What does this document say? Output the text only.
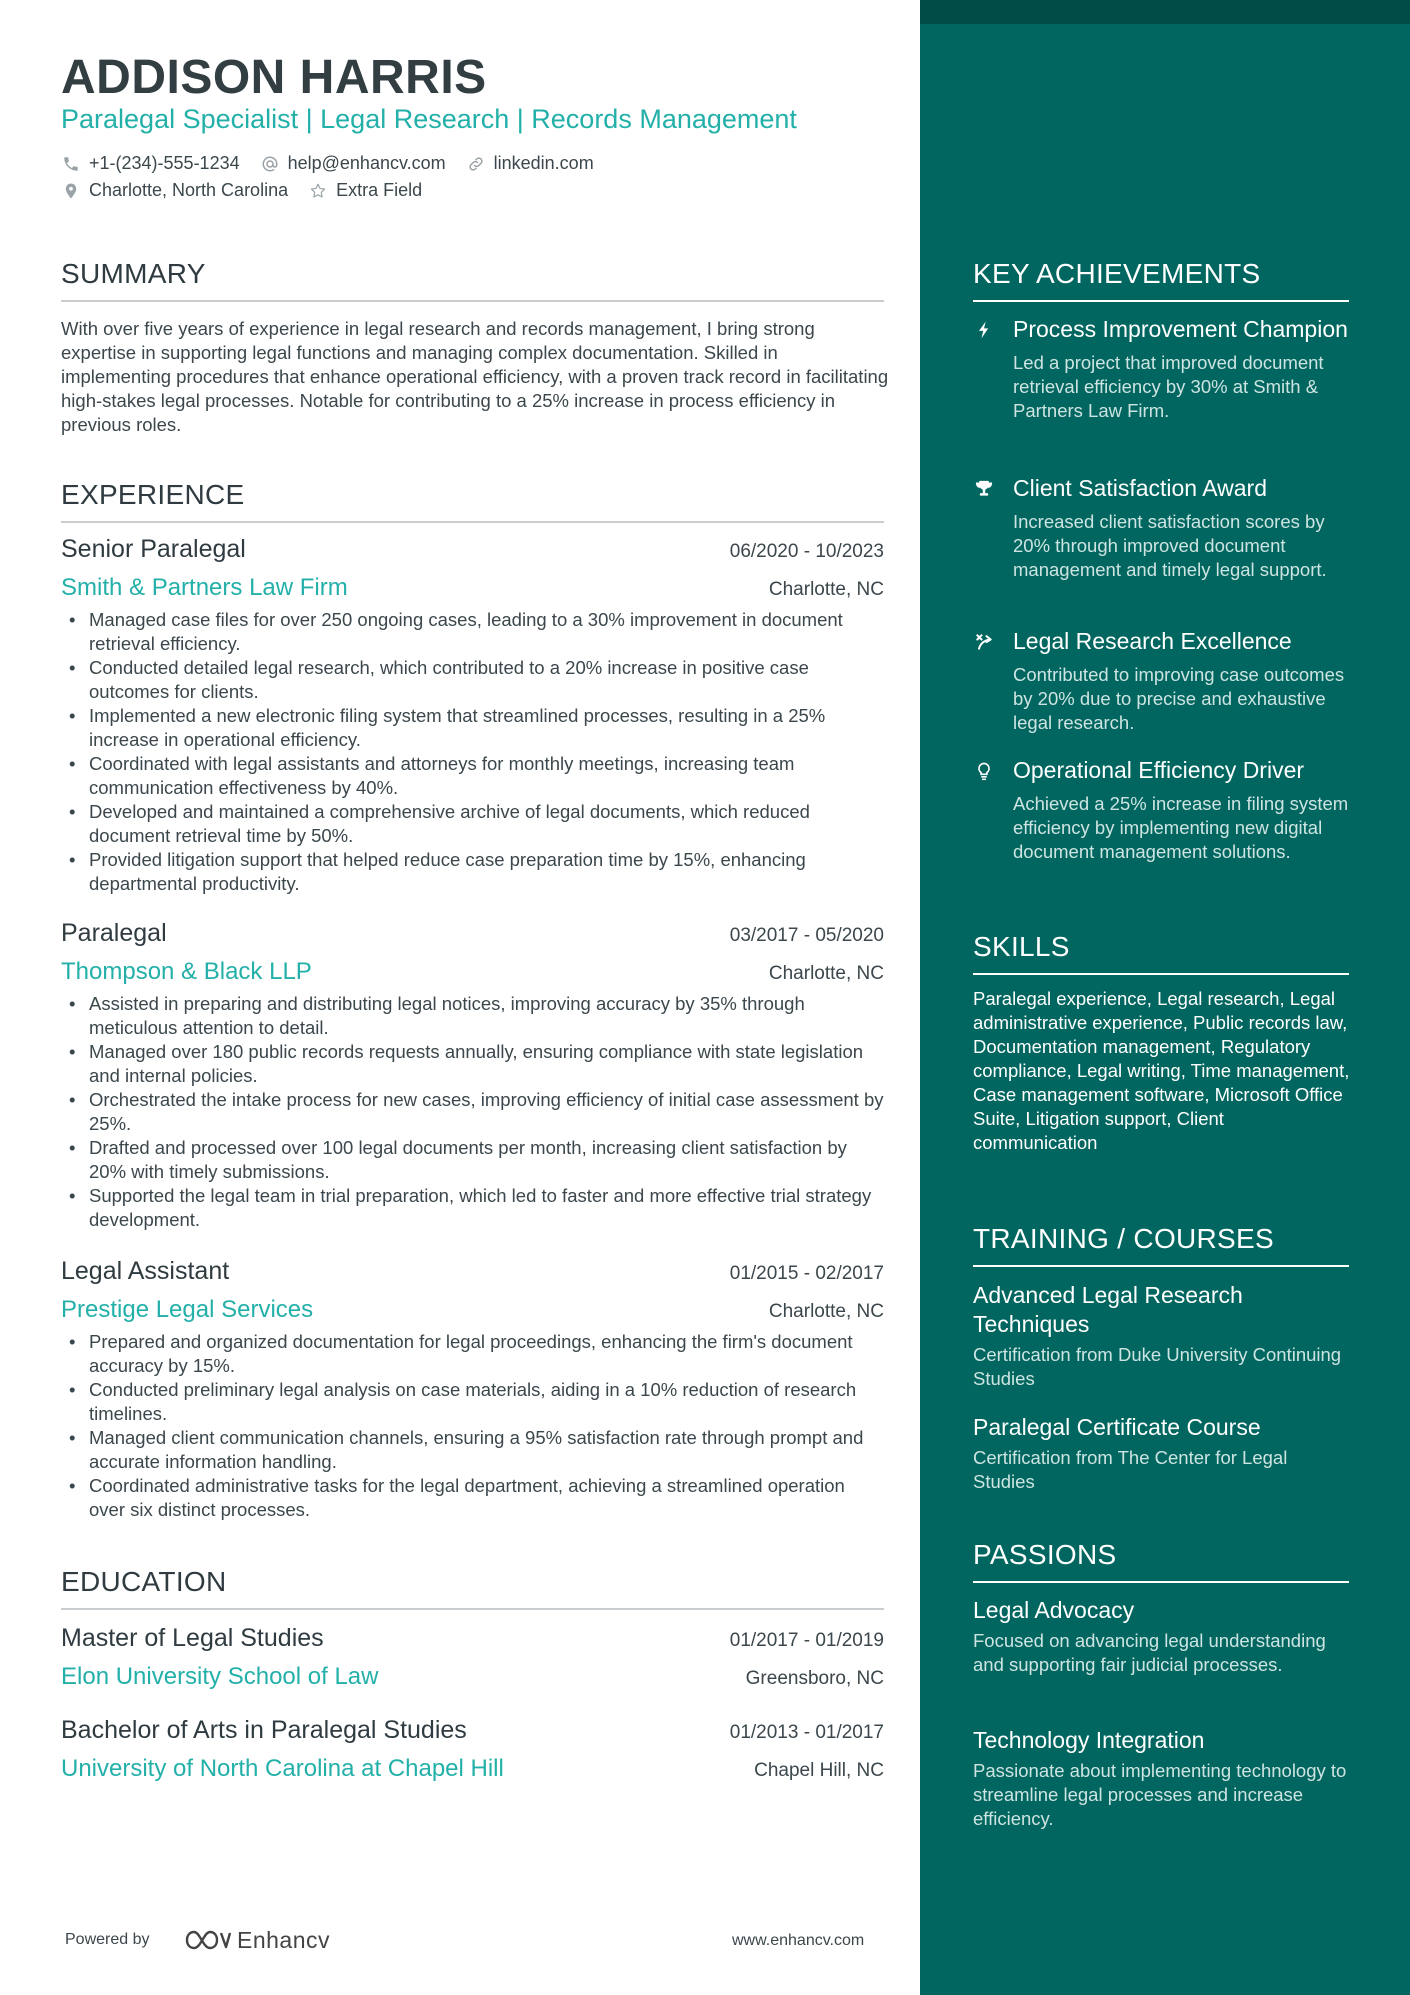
ADDISON HARRIS
Paralegal Specialist | Legal Research | Records Management
+1-(234)-555-1234	help@enhancv.com	linkedin.com
Charlotte, North Carolina	Extra Field
SUMMARY
With over five years of experience in legal research and records management, I bring strong expertise in supporting legal functions and managing complex documentation. Skilled in implementing procedures that enhance operational efficiency, with a proven track record in facilitating high-stakes legal processes. Notable for contributing to a 25% increase in process efficiency in previous roles.
EXPERIENCE
Senior Paralegal	06/2020 - 10/2023
Smith & Partners Law Firm	Charlotte, NC
• Managed case files for over 250 ongoing cases, leading to a 30% improvement in document retrieval efficiency.
• Conducted detailed legal research, which contributed to a 20% increase in positive case outcomes for clients.
• Implemented a new electronic filing system that streamlined processes, resulting in a 25% increase in operational efficiency.
• Coordinated with legal assistants and attorneys for monthly meetings, increasing team communication effectiveness by 40%.
• Developed and maintained a comprehensive archive of legal documents, which reduced document retrieval time by 50%.
• Provided litigation support that helped reduce case preparation time by 15%, enhancing departmental productivity.
Paralegal	03/2017 - 05/2020
Thompson & Black LLP	Charlotte, NC
• Assisted in preparing and distributing legal notices, improving accuracy by 35% through meticulous attention to detail.
• Managed over 180 public records requests annually, ensuring compliance with state legislation and internal policies.
• Orchestrated the intake process for new cases, improving efficiency of initial case assessment by 25%.
• Drafted and processed over 100 legal documents per month, increasing client satisfaction by 20% with timely submissions.
• Supported the legal team in trial preparation, which led to faster and more effective trial strategy development.
Legal Assistant	01/2015 - 02/2017
Prestige Legal Services	Charlotte, NC
• Prepared and organized documentation for legal proceedings, enhancing the firm's document accuracy by 15%.
• Conducted preliminary legal analysis on case materials, aiding in a 10% reduction of research timelines.
• Managed client communication channels, ensuring a 95% satisfaction rate through prompt and accurate information handling.
• Coordinated administrative tasks for the legal department, achieving a streamlined operation over six distinct processes.
EDUCATION
Master of Legal Studies	01/2017 - 01/2019
Elon University School of Law	Greensboro, NC
Bachelor of Arts in Paralegal Studies	01/2013 - 01/2017
University of North Carolina at Chapel Hill	Chapel Hill, NC
Powered by	Enhancv	www.enhancv.com
KEY ACHIEVEMENTS
Process Improvement Champion
Led a project that improved document retrieval efficiency by 30% at Smith & Partners Law Firm.
Client Satisfaction Award
Increased client satisfaction scores by 20% through improved document management and timely legal support.
Legal Research Excellence
Contributed to improving case outcomes by 20% due to precise and exhaustive legal research.
Operational Efficiency Driver
Achieved a 25% increase in filing system efficiency by implementing new digital document management solutions.
SKILLS
Paralegal experience, Legal research, Legal administrative experience, Public records law, Documentation management, Regulatory compliance, Legal writing, Time management, Case management software, Microsoft Office Suite, Litigation support, Client communication
TRAINING / COURSES
Advanced Legal Research Techniques
Certification from Duke University Continuing Studies
Paralegal Certificate Course
Certification from The Center for Legal Studies
PASSIONS
Legal Advocacy
Focused on advancing legal understanding and supporting fair judicial processes.
Technology Integration
Passionate about implementing technology to streamline legal processes and increase efficiency.
